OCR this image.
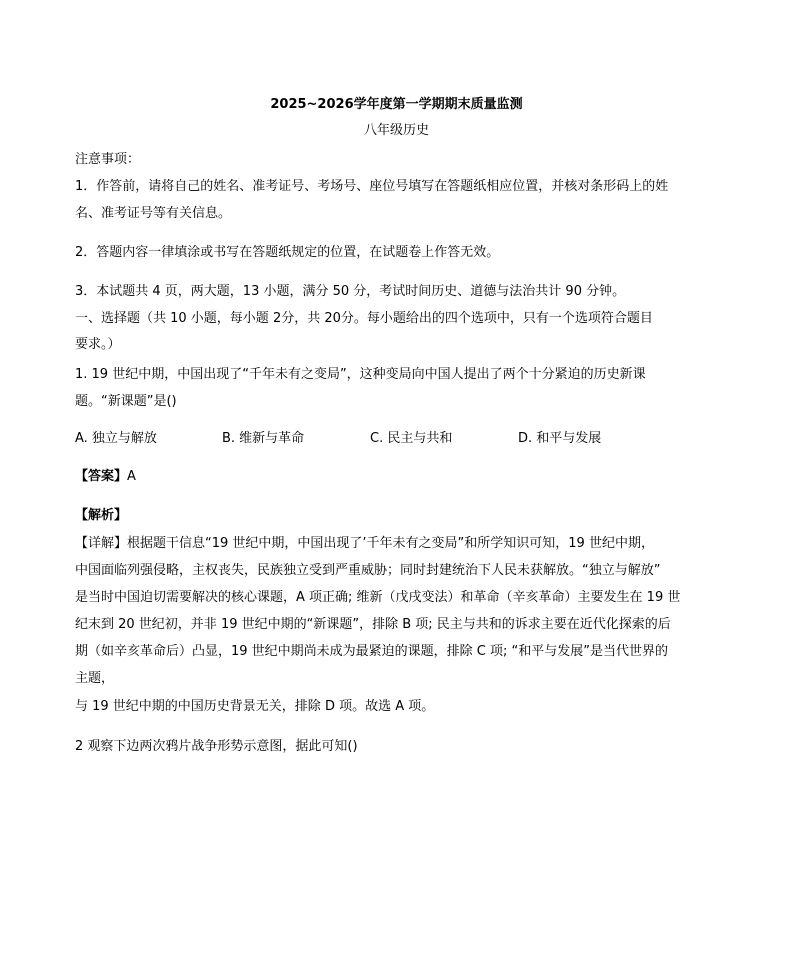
2025~2026学年度第一学期期末质量监测
八年级历史
注意事项：
1．作答前，请将自己的姓名、准考证号、考场号、座位号填写在答题纸相应位置，并核对条形码上的姓
名、准考证号等有关信息。
2．答题内容一律填涂或书写在答题纸规定的位置，在试题卷上作答无效。
3．本试题共 4 页，两大题，13 小题，满分 50 分，考试时间历史、道德与法治共计 90 分钟。
一、选择题（共 10 小题，每小题 2分，共 20分。每小题给出的四个选项中，只有一个选项符合题目
要求。）
1. 19 世纪中期，中国出现了“千年未有之变局”，这种变局向中国人提出了两个十分紧迫的历史新课
题。“新课题”是()
A. 独立与解放	B. 维新与革命	C. 民主与共和	D. 和平与发展
【答案】A
【解析】
【详解】根据题干信息“19 世纪中期，中国出现了’千年未有之变局”和所学知识可知，19 世纪中期，
中国面临列强侵略，主权丧失，民族独立受到严重威胁；同时封建统治下人民未获解放。“独立与解放”
是当时中国迫切需要解决的核心课题，A 项正确; 维新（戊戌变法）和革命（辛亥革命）主要发生在 19 世
纪末到 20 世纪初，并非 19 世纪中期的“新课题”，排除 B 项; 民主与共和的诉求主要在近代化探索的后
期（如辛亥革命后）凸显，19 世纪中期尚未成为最紧迫的课题，排除 C 项; “和平与发展”是当代世界的
主题，
与 19 世纪中期的中国历史背景无关，排除 D 项。故选 A 项。
2 观察下边两次鸦片战争形势示意图，据此可知()
